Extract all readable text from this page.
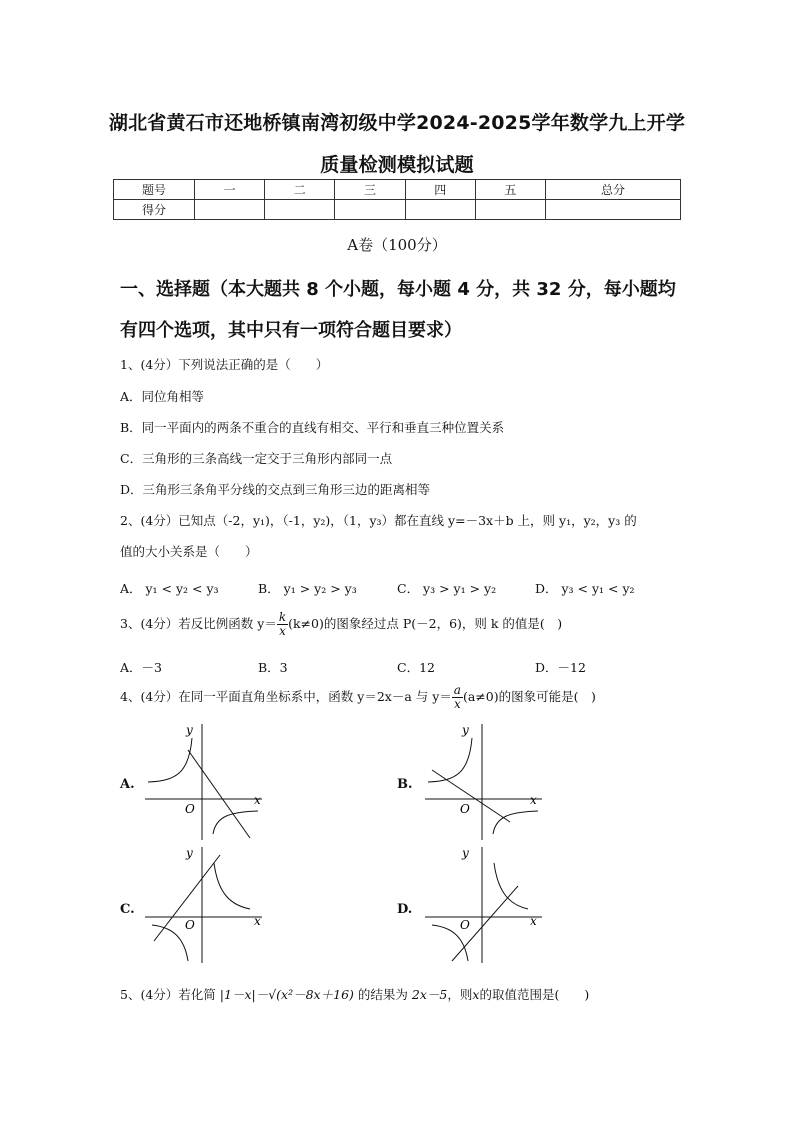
湖北省黄石市还地桥镇南湾初级中学2024-2025学年数学九上开学
质量检测模拟试题
题号	一	二	三	四	五	总分
得分						
A卷（100分）
一、选择题（本大题共 8 个小题，每小题 4 分，共 32 分，每小题均
有四个选项，其中只有一项符合题目要求）
1、(4分）下列说法正确的是（　　）
A．同位角相等
B．同一平面内的两条不重合的直线有相交、平行和垂直三种位置关系
C．三角形的三条高线一定交于三角形内部同一点
D．三角形三条角平分线的交点到三角形三边的距离相等
2、(4分）已知点（-2，y₁)，（-1，y₂)，（1，y₃）都在直线 y=－3x＋b 上，则 y₁，y₂，y₃ 的
值的大小关系是（　　）
A． y₁ < y₂ < y₃	B． y₁ > y₂ > y₃	C． y₃ > y₁ > y₂	D． y₃ < y₁ < y₂
3、(4分）若反比例函数 $y= \frac{k}{x} (k\ne 0)$的图象经过点 P(－2，6)，则 k 的值是(　)
A．－3	B．3	C．12	D．－12
4、(4分）在同一平面直角坐标系中，函数 y＝2x－a 与 $y= \frac{a}{x} (a\ne 0)$的图象可能是(　)
A.	B.
C.	D.
x
y
O
x
y
O
x
y
O	x
y
O
5、(4分）若化简 |1－x|－√(x²－8x＋16) 的结果为 2x－5，则x的取值范围是(　　)
